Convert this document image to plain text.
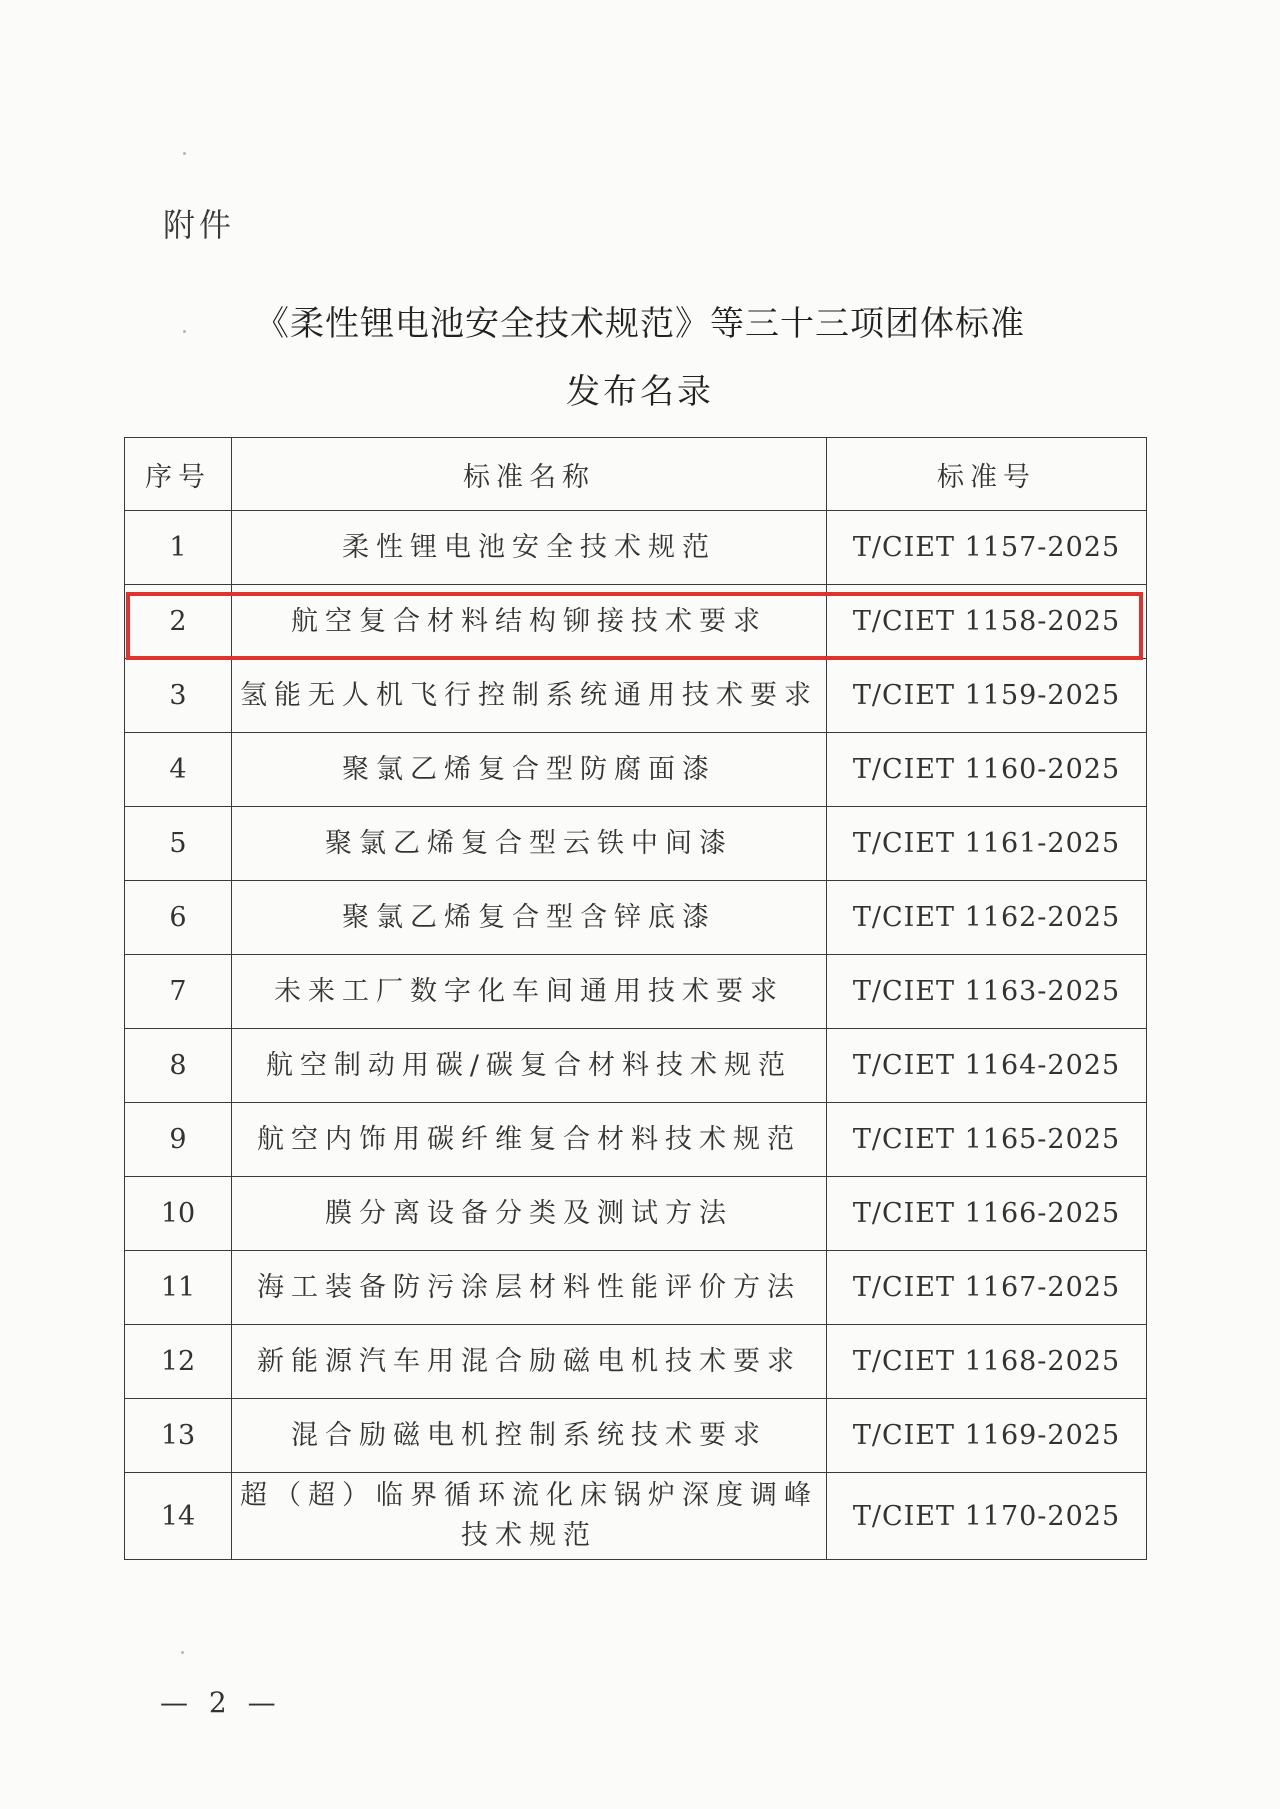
附件
《柔性锂电池安全技术规范》等三十三项团体标准
发布名录
序号	标准名称	标准号
1	柔性锂电池安全技术规范	T/CIET 1157-2025
2	航空复合材料结构铆接技术要求	T/CIET 1158-2025
3	氢能无人机飞行控制系统通用技术要求	T/CIET 1159-2025
4	聚氯乙烯复合型防腐面漆	T/CIET 1160-2025
5	聚氯乙烯复合型云铁中间漆	T/CIET 1161-2025
6	聚氯乙烯复合型含锌底漆	T/CIET 1162-2025
7	未来工厂数字化车间通用技术要求	T/CIET 1163-2025
8	航空制动用碳/碳复合材料技术规范	T/CIET 1164-2025
9	航空内饰用碳纤维复合材料技术规范	T/CIET 1165-2025
10	膜分离设备分类及测试方法	T/CIET 1166-2025
11	海工装备防污涂层材料性能评价方法	T/CIET 1167-2025
12	新能源汽车用混合励磁电机技术要求	T/CIET 1168-2025
13	混合励磁电机控制系统技术要求	T/CIET 1169-2025
14	超（超）临界循环流化床锅炉深度调峰
技术规范	T/CIET 1170-2025
— 2 —
